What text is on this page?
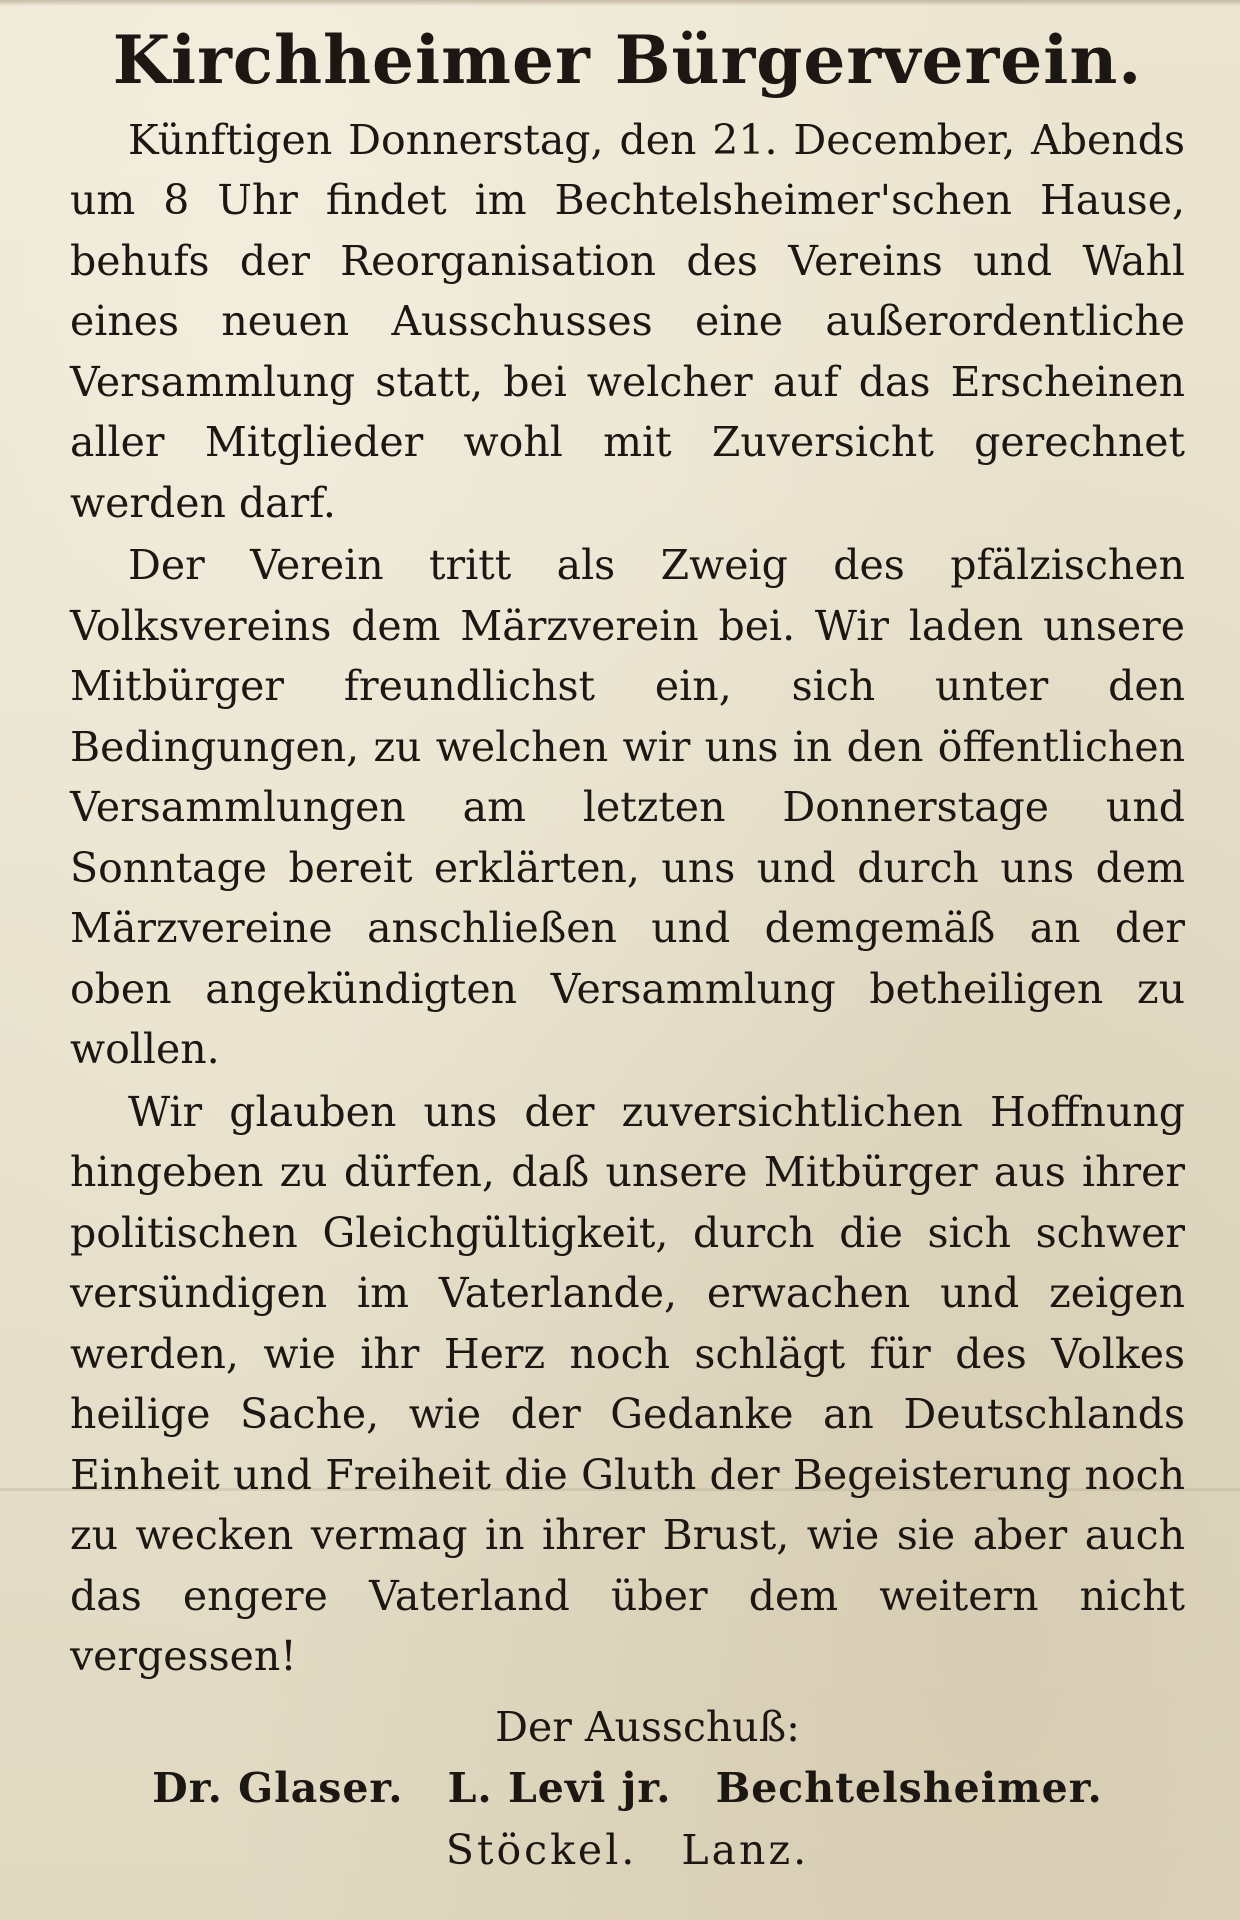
Kirchheimer Bürgerverein.

Künftigen Donnerstag, den 21. December, Abends um 8 Uhr findet im Bechtelsheimer'schen Hause, behufs der Reorganisation des Vereins und Wahl eines neuen Ausschusses eine außerordentliche Versammlung statt, bei welcher auf das Erscheinen aller Mitglieder wohl mit Zuversicht gerechnet werden darf.

Der Verein tritt als Zweig des pfälzischen Volksvereins dem Märzverein bei. Wir laden unsere Mitbürger freundlichst ein, sich unter den Bedingungen, zu welchen wir uns in den öffentlichen Versammlungen am letzten Donnerstage und Sonntage bereit erklärten, uns und durch uns dem Märzvereine anschließen und demgemäß an der oben angekündigten Versammlung betheiligen zu wollen.

Wir glauben uns der zuversichtlichen Hoffnung hingeben zu dürfen, daß unsere Mitbürger aus ihrer politischen Gleichgültigkeit, durch die sich schwer versündigen im Vaterlande, erwachen und zeigen werden, wie ihr Herz noch schlägt für des Volkes heilige Sache, wie der Gedanke an Deutschlands Einheit und Freiheit die Gluth der Begeisterung noch zu wecken vermag in ihrer Brust, wie sie aber auch das engere Vaterland über dem weitern nicht vergessen!

Der Ausschuß:
Dr. Glaser. L. Levi jr. Bechtelsheimer.
Stöckel. Lanz.
